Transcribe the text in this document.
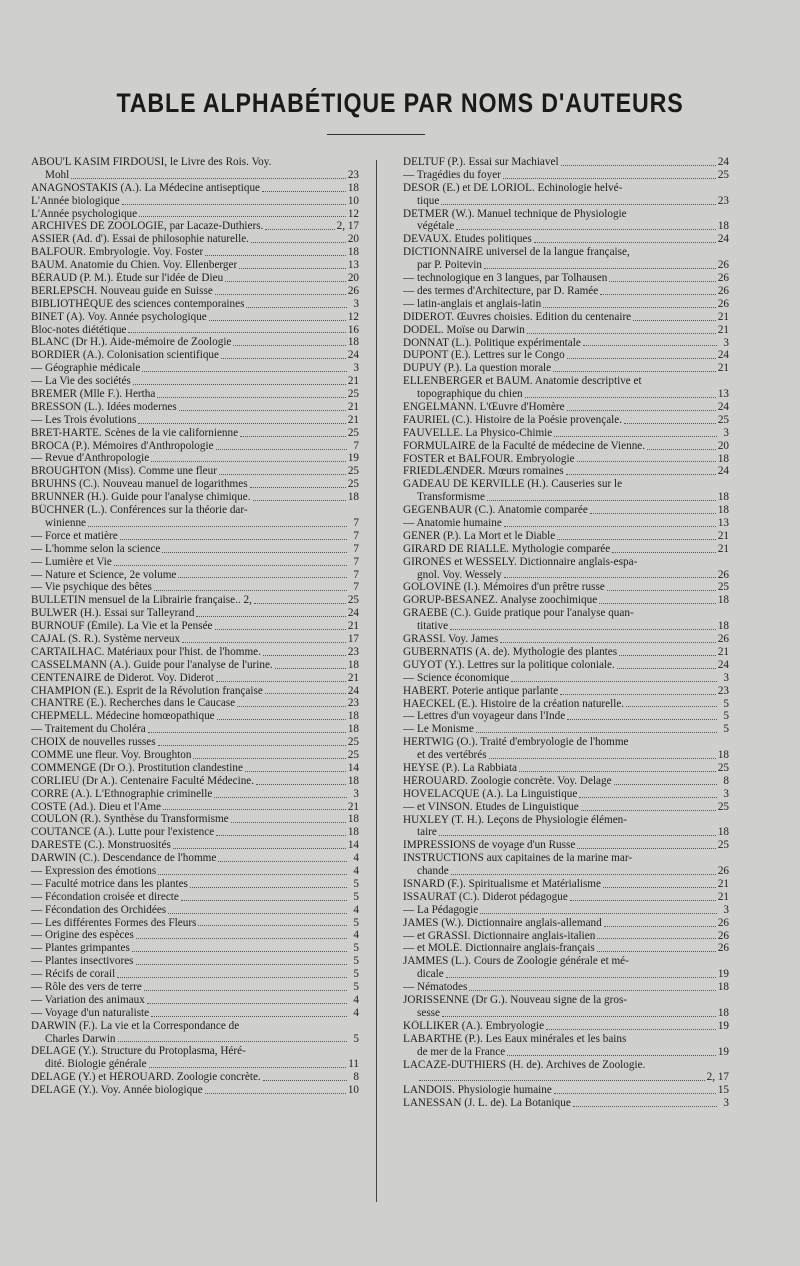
TABLE ALPHABÉTIQUE PAR NOMS D'AUTEURS
ABOU'L KASIM FIRDOUSI, le Livre des Rois. Voy.
Mohl	23
ANAGNOSTAKIS (A.). La Médecine antiseptique	18
L'Année biologique	10
L'Année psychologique	12
ARCHIVES DE ZOOLOGIE, par Lacaze-Duthiers.	2, 17
ASSIER (Ad. d'). Essai de philosophie naturelle.	20
BALFOUR. Embryologie. Voy. Foster	18
BAUM. Anatomie du Chien. Voy. Ellenberger	13
BÉRAUD (P. M.). Étude sur l'idée de Dieu	20
BERLEPSCH. Nouveau guide en Suisse	26
BIBLIOTHÈQUE des sciences contemporaines	3
BINET (A). Voy. Année psychologique	12
Bloc-notes diététique	16
BLANC (Dr H.). Aide-mémoire de Zoologie	18
BORDIER (A.). Colonisation scientifique	24
— Géographie médicale	3
— La Vie des sociétés	21
BREMER (Mlle F.). Hertha	25
BRESSON (L.). Idées modernes	21
— Les Trois évolutions	21
BRET-HARTE. Scènes de la vie californienne	25
BROCA (P.). Mémoires d'Anthropologie	7
— Revue d'Anthropologie	19
BROUGHTON (Miss). Comme une fleur	25
BRUHNS (C.). Nouveau manuel de logarithmes	25
BRUNNER (H.). Guide pour l'analyse chimique.	18
BÜCHNER (L.). Conférences sur la théorie dar-
winienne	7
— Force et matière	7
— L'homme selon la science	7
— Lumière et Vie	7
— Nature et Science, 2e volume	7
— Vie psychique des bêtes	7
BULLETIN mensuel de la Librairie française.. 2,	25
BULWER (H.). Essai sur Talleyrand	24
BURNOUF (Émile). La Vie et la Pensée	21
CAJAL (S. R.). Système nerveux	17
CARTAILHAC. Matériaux pour l'hist. de l'homme.	23
CASSELMANN (A.). Guide pour l'analyse de l'urine.	18
CENTENAIRE de Diderot. Voy. Diderot	21
CHAMPION (E.). Esprit de la Révolution française	24
CHANTRE (E.). Recherches dans le Caucase	23
CHEPMELL. Médecine homœopathique	18
— Traitement du Choléra	18
CHOIX de nouvelles russes	25
COMME une fleur. Voy. Broughton	25
COMMENGE (Dr O.). Prostitution clandestine	14
CORLIEU (Dr A.). Centenaire Faculté Médecine.	18
CORRE (A.). L'Ethnographie criminelle	3
COSTE (Ad.). Dieu et l'Ame	21
COULON (R.). Synthèse du Transformisme	18
COUTANCE (A.). Lutte pour l'existence	18
DARESTE (C.). Monstruosités	14
DARWIN (C.). Descendance de l'homme	4
— Expression des émotions	4
— Faculté motrice dans les plantes	5
— Fécondation croisée et directe	5
— Fécondation des Orchidées	4
— Les différentes Formes des Fleurs	5
— Origine des espèces	4
— Plantes grimpantes	5
— Plantes insectivores	5
— Récifs de corail	5
— Rôle des vers de terre	5
— Variation des animaux	4
— Voyage d'un naturaliste	4
DARWIN (F.). La vie et la Correspondance de
Charles Darwin	5
DELAGE (Y.). Structure du Protoplasma, Héré-
dité. Biologie générale	11
DELAGE (Y.) et HÉROUARD. Zoologie concrète.	8
DELAGE (Y.). Voy. Année biologique	10
DELTUF (P.). Essai sur Machiavel	24
— Tragédies du foyer	25
DESOR (E.) et DE LORIOL. Echinologie helvé-
tique	23
DETMER (W.). Manuel technique de Physiologie
végétale	18
DEVAUX. Etudes politiques	24
DICTIONNAIRE universel de la langue française,
par P. Poitevin	26
— technologique en 3 langues, par Tolhausen	26
— des termes d'Architecture, par D. Ramée	26
— latin-anglais et anglais-latin	26
DIDEROT. Œuvres choisies. Edition du centenaire	21
DODEL. Moïse ou Darwin	21
DONNAT (L.). Politique expérimentale	3
DUPONT (E.). Lettres sur le Congo	24
DUPUY (P.). La question morale	21
ELLENBERGER et BAUM. Anatomie descriptive et
topographique du chien	13
ENGELMANN. L'Œuvre d'Homère	24
FAURIEL (C.). Histoire de la Poésie provençale.	25
FAUVELLE. La Physico-Chimie	3
FORMULAIRE de la Faculté de médecine de Vienne.	20
FOSTER et BALFOUR. Embryologie	18
FRIEDLÆNDER. Mœurs romaines	24
GADEAU DE KERVILLE (H.). Causeries sur le
Transformisme	18
GEGENBAUR (C.). Anatomie comparée	18
— Anatomie humaine	13
GENER (P.). La Mort et le Diable	21
GIRARD DE RIALLE. Mythologie comparée	21
GIRONÈS et WESSELY. Dictionnaire anglais-espa-
gnol. Voy. Wessely	26
GOLOVINE (I.). Mémoires d'un prêtre russe	25
GORUP-BESANEZ. Analyse zoochimique	18
GRAEBE (C.). Guide pratique pour l'analyse quan-
titative	18
GRASSI. Voy. James	26
GUBERNATIS (A. de). Mythologie des plantes	21
GUYOT (Y.). Lettres sur la politique coloniale.	24
— Science économique	3
HABERT. Poterie antique parlante	23
HAECKEL (E.). Histoire de la création naturelle.	5
— Lettres d'un voyageur dans l'Inde	5
— Le Monisme	5
HERTWIG (O.). Traité d'embryologie de l'homme
et des vertébrés	18
HEYSE (P.). La Rabbiata	25
HÉROUARD. Zoologie concrète. Voy. Delage	8
HOVELACQUE (A.). La Linguistique	3
— et VINSON. Etudes de Linguistique	25
HUXLEY (T. H.). Leçons de Physiologie élémen-
taire	18
IMPRESSIONS de voyage d'un Russe	25
INSTRUCTIONS aux capitaines de la marine mar-
chande	26
ISNARD (F.). Spiritualisme et Matérialisme	21
ISSAURAT (C.). Diderot pédagogue	21
— La Pédagogie	3
JAMES (W.). Dictionnaire anglais-allemand	26
— et GRASSI. Dictionnaire anglais-italien	26
— et MOLÉ. Dictionnaire anglais-français	26
JAMMES (L.). Cours de Zoologie générale et mé-
dicale	19
— Nématodes	18
JORISSENNE (Dr G.). Nouveau signe de la gros-
sesse	18
KÖLLIKER (A.). Embryologie	19
LABARTHE (P.). Les Eaux minérales et les bains
de mer de la France	19
LACAZE-DUTHIERS (H. de). Archives de Zoologie.
2, 17
LANDOIS. Physiologie humaine	15
LANESSAN (J. L. de). La Botanique	3
